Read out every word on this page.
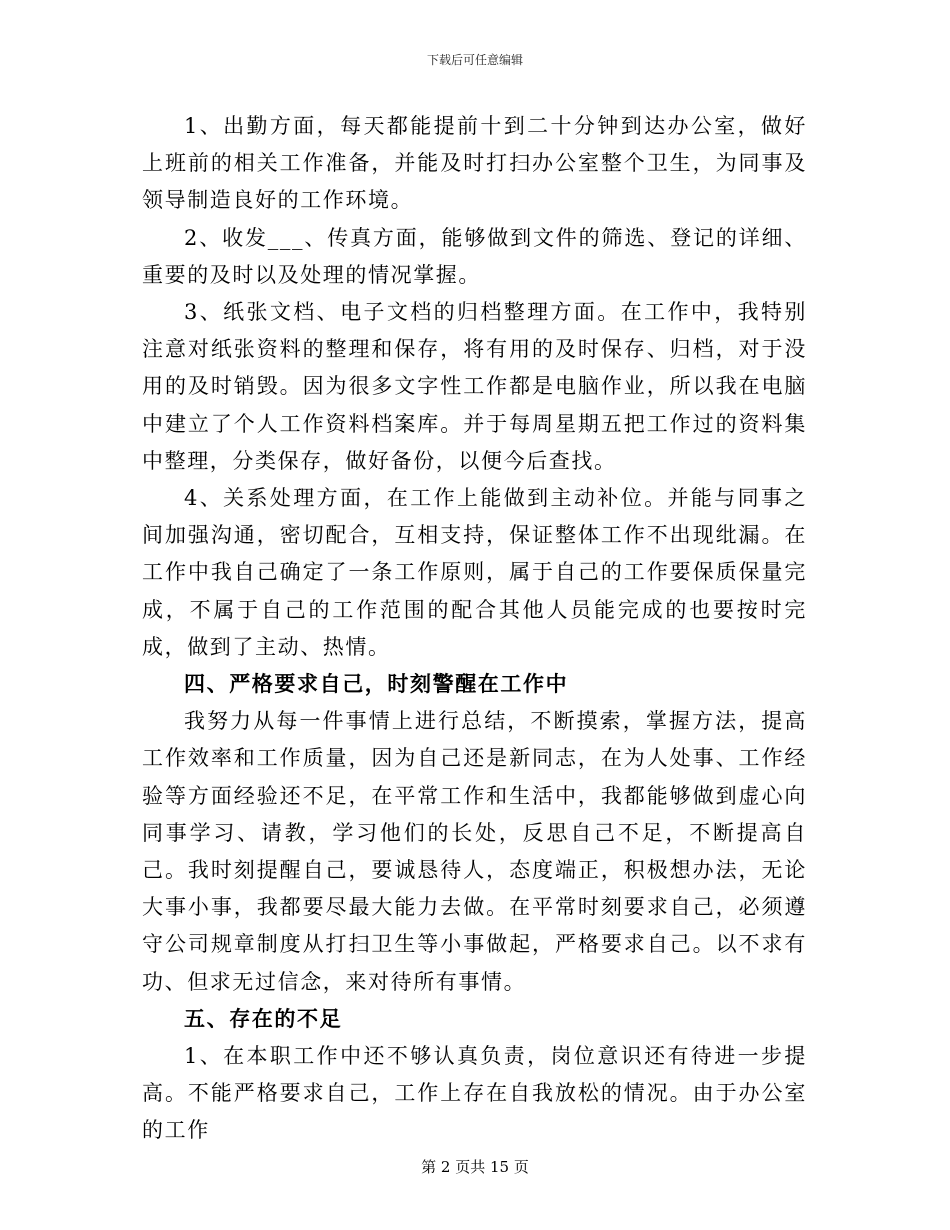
下载后可任意编辑

1、出勤方面，每天都能提前十到二十分钟到达办公室，做好上班前的相关工作准备，并能及时打扫办公室整个卫生，为同事及领导制造良好的工作环境。

2、收发___、传真方面，能够做到文件的筛选、登记的详细、重要的及时以及处理的情况掌握。

3、纸张文档、电子文档的归档整理方面。在工作中，我特别注意对纸张资料的整理和保存，将有用的及时保存、归档，对于没用的及时销毁。因为很多文字性工作都是电脑作业，所以我在电脑中建立了个人工作资料档案库。并于每周星期五把工作过的资料集中整理，分类保存，做好备份，以便今后查找。

4、关系处理方面，在工作上能做到主动补位。并能与同事之间加强沟通，密切配合，互相支持，保证整体工作不出现纰漏。在工作中我自己确定了一条工作原则，属于自己的工作要保质保量完成，不属于自己的工作范围的配合其他人员能完成的也要按时完成，做到了主动、热情。

四、严格要求自己，时刻警醒在工作中

我努力从每一件事情上进行总结，不断摸索，掌握方法，提高工作效率和工作质量，因为自己还是新同志，在为人处事、工作经验等方面经验还不足，在平常工作和生活中，我都能够做到虚心向同事学习、请教，学习他们的长处，反思自己不足，不断提高自己。我时刻提醒自己，要诚恳待人，态度端正，积极想办法，无论大事小事，我都要尽最大能力去做。在平常时刻要求自己，必须遵守公司规章制度从打扫卫生等小事做起，严格要求自己。以不求有功、但求无过信念，来对待所有事情。

五、存在的不足

1、在本职工作中还不够认真负责，岗位意识还有待进一步提高。不能严格要求自己，工作上存在自我放松的情况。由于办公室的工作

第 2 页共 15 页
